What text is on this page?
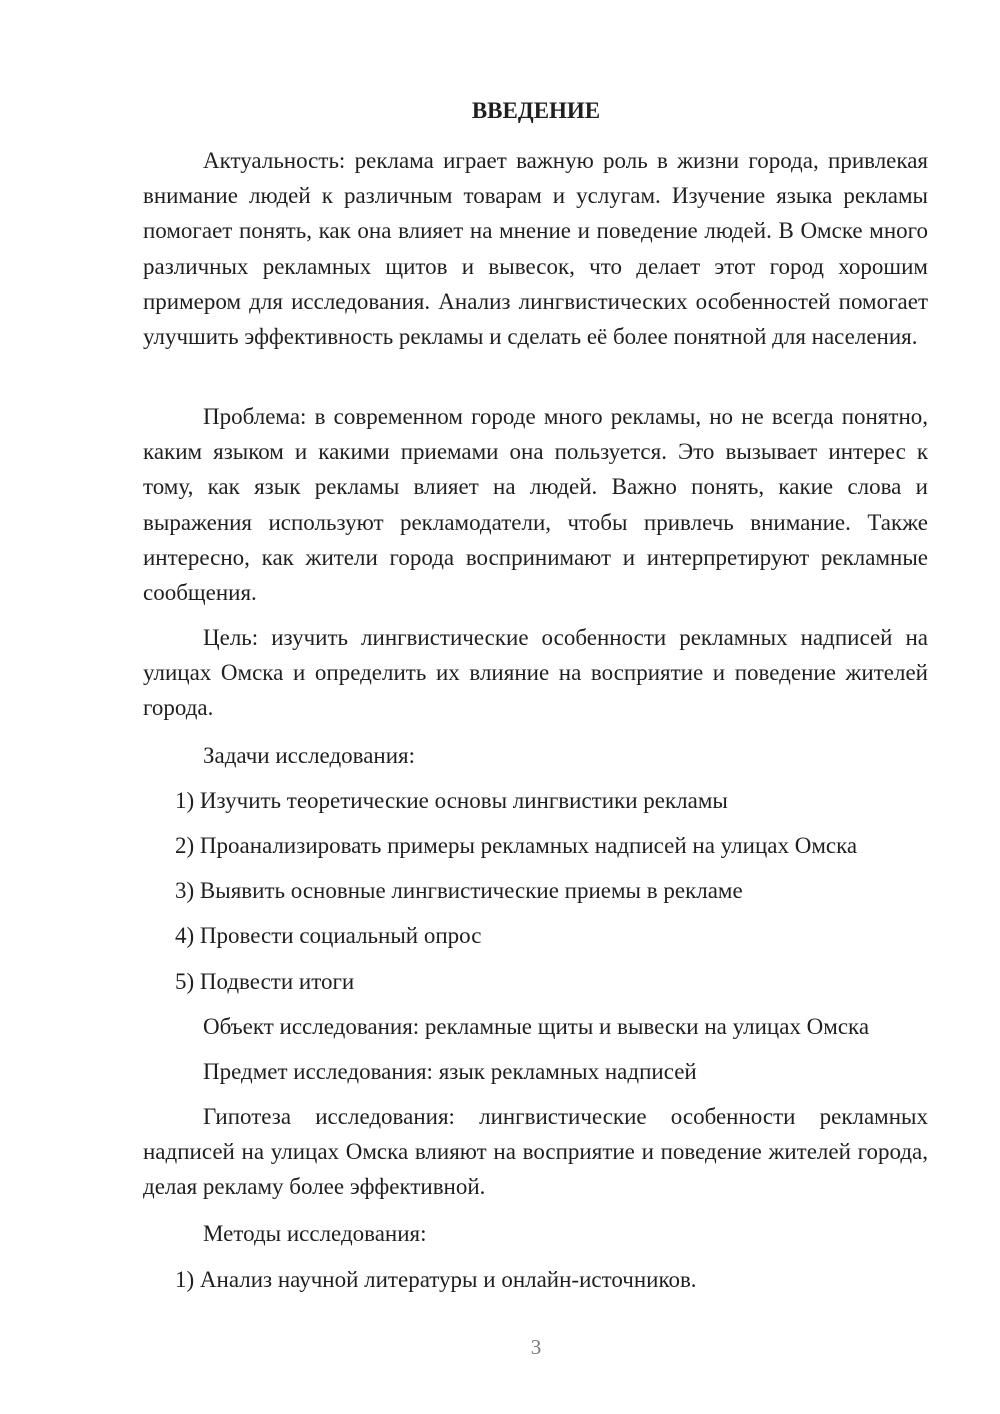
ВВЕДЕНИЕ
Актуальность: реклама играет важную роль в жизни города, привлекая внимание людей к различным товарам и услугам. Изучение языка рекламы помогает понять, как она влияет на мнение и поведение людей. В Омске много различных рекламных щитов и вывесок, что делает этот город хорошим примером для исследования. Анализ лингвистических особенностей помогает улучшить эффективность рекламы и сделать её более понятной для населения.
Проблема: в современном городе много рекламы, но не всегда понятно, каким языком и какими приемами она пользуется. Это вызывает интерес к тому, как язык рекламы влияет на людей. Важно понять, какие слова и выражения используют рекламодатели, чтобы привлечь внимание. Также интересно, как жители города воспринимают и интерпретируют рекламные сообщения.
Цель: изучить лингвистические особенности рекламных надписей на улицах Омска и определить их влияние на восприятие и поведение жителей города.
Задачи исследования:
1) Изучить теоретические основы лингвистики рекламы
2) Проанализировать примеры рекламных надписей на улицах Омска
3) Выявить основные лингвистические приемы в рекламе
4) Провести социальный опрос
5) Подвести итоги
Объект исследования: рекламные щиты и вывески на улицах Омска
Предмет исследования: язык рекламных надписей
Гипотеза исследования: лингвистические особенности рекламных надписей на улицах Омска влияют на восприятие и поведение жителей города, делая рекламу более эффективной.
Методы исследования:
1) Анализ научной литературы и онлайн-источников.
3
